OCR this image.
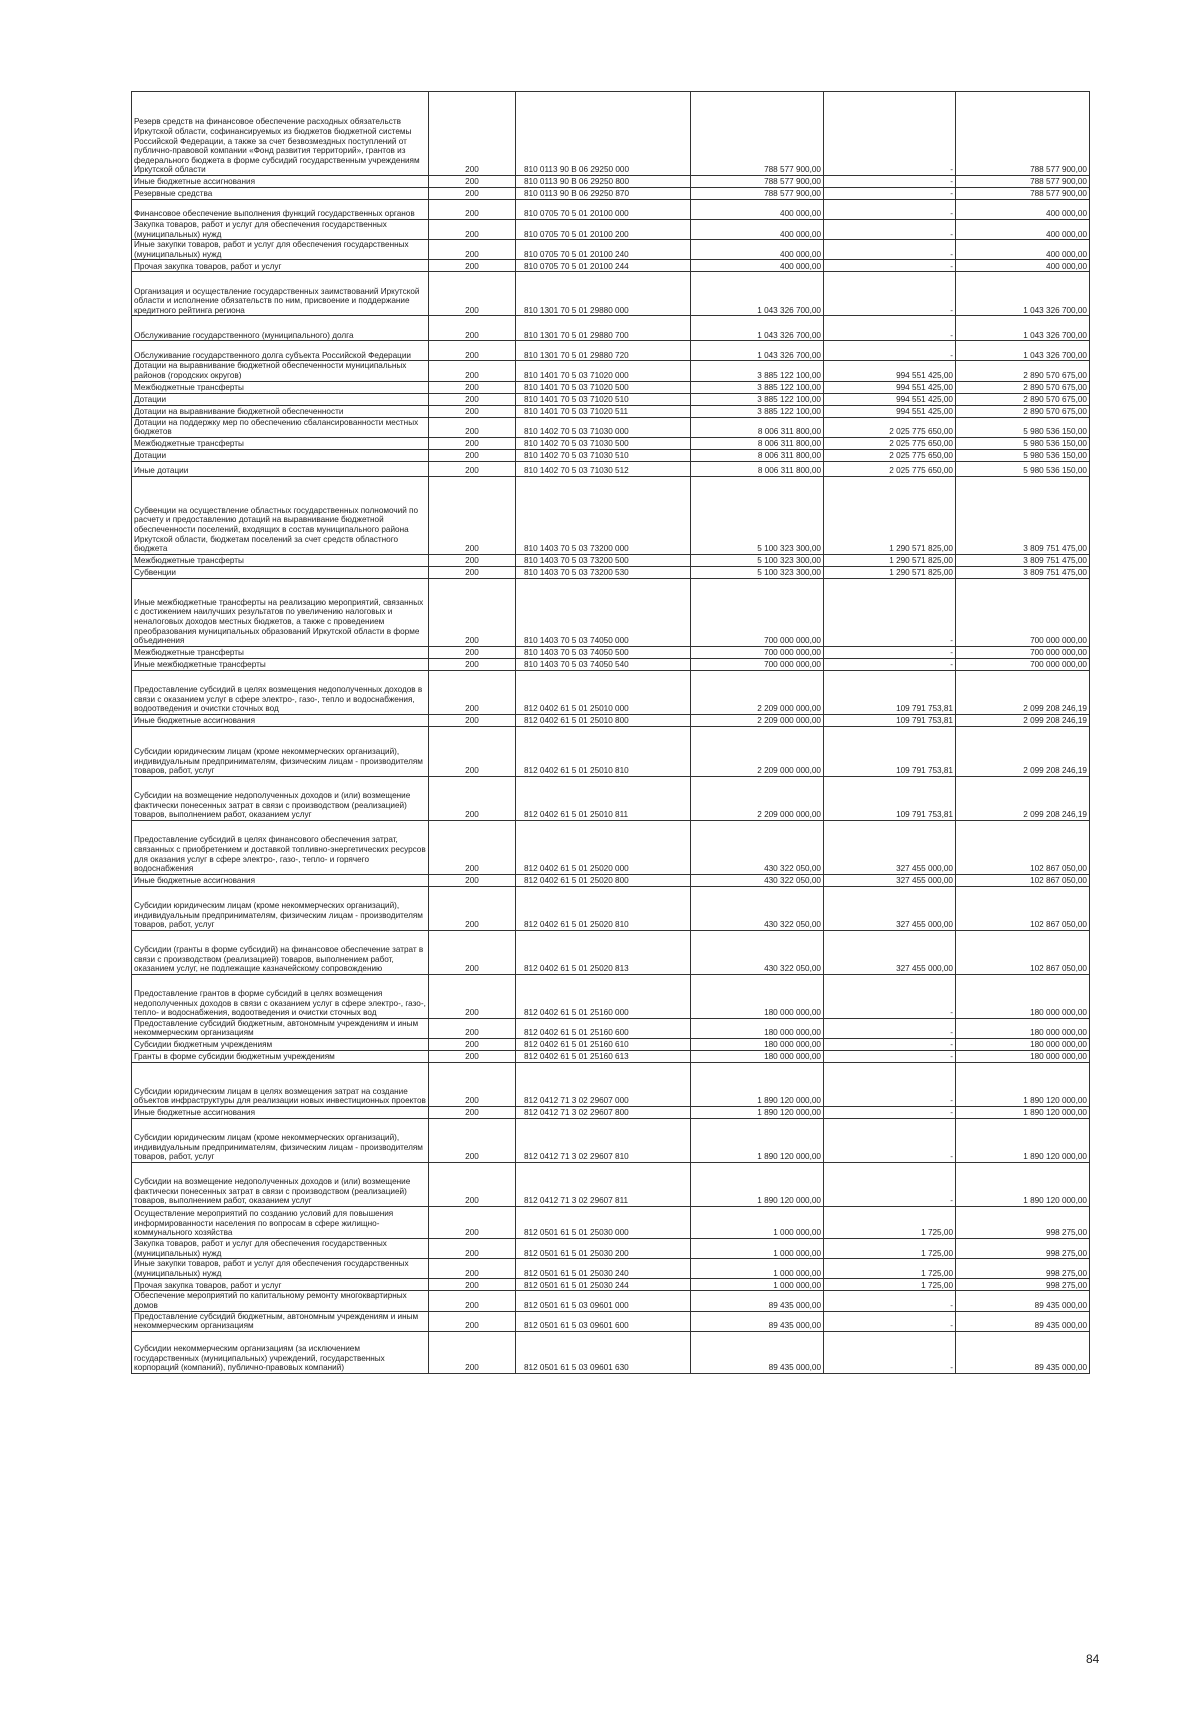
Резерв средств на финансовое обеспечение расходных обязательств Иркутской области, софинансируемых из бюджетов бюджетной системы Российской Федерации, а также за счет безвозмездных поступлений от публично-правовой компании «Фонд развития территорий», грантов из федерального бюджета в форме субсидий государственным учреждениям Иркутской области	200	810 0113 90 В 06 29250 000	788 577 900,00	-	788 577 900,00
Иные бюджетные ассигнования	200	810 0113 90 В 06 29250 800	788 577 900,00	-	788 577 900,00
Резервные средства	200	810 0113 90 В 06 29250 870	788 577 900,00	-	788 577 900,00
Финансовое обеспечение выполнения функций государственных органов	200	810 0705 70 5 01 20100 000	400 000,00	-	400 000,00
Закупка товаров, работ и услуг для обеспечения государственных (муниципальных) нужд	200	810 0705 70 5 01 20100 200	400 000,00	-	400 000,00
Иные закупки товаров, работ и услуг для обеспечения государственных (муниципальных) нужд	200	810 0705 70 5 01 20100 240	400 000,00	-	400 000,00
Прочая закупка товаров, работ и услуг	200	810 0705 70 5 01 20100 244	400 000,00	-	400 000,00
Организация и осуществление государственных заимствований Иркутской области и исполнение обязательств по ним, присвоение и поддержание кредитного рейтинга региона	200	810 1301 70 5 01 29880 000	1 043 326 700,00	-	1 043 326 700,00
Обслуживание государственного (муниципального) долга	200	810 1301 70 5 01 29880 700	1 043 326 700,00	-	1 043 326 700,00
Обслуживание государственного долга субъекта Российской Федерации	200	810 1301 70 5 01 29880 720	1 043 326 700,00	-	1 043 326 700,00
Дотации на выравнивание бюджетной обеспеченности муниципальных районов (городских округов)	200	810 1401 70 5 03 71020 000	3 885 122 100,00	994 551 425,00	2 890 570 675,00
Межбюджетные трансферты	200	810 1401 70 5 03 71020 500	3 885 122 100,00	994 551 425,00	2 890 570 675,00
Дотации	200	810 1401 70 5 03 71020 510	3 885 122 100,00	994 551 425,00	2 890 570 675,00
Дотации на выравнивание бюджетной обеспеченности	200	810 1401 70 5 03 71020 511	3 885 122 100,00	994 551 425,00	2 890 570 675,00
Дотации на поддержку мер по обеспечению сбалансированности местных бюджетов	200	810 1402 70 5 03 71030 000	8 006 311 800,00	2 025 775 650,00	5 980 536 150,00
Межбюджетные трансферты	200	810 1402 70 5 03 71030 500	8 006 311 800,00	2 025 775 650,00	5 980 536 150,00
Дотации	200	810 1402 70 5 03 71030 510	8 006 311 800,00	2 025 775 650,00	5 980 536 150,00
Иные дотации	200	810 1402 70 5 03 71030 512	8 006 311 800,00	2 025 775 650,00	5 980 536 150,00
Субвенции на осуществление областных государственных полномочий по расчету и предоставлению дотаций на выравнивание бюджетной обеспеченности поселений, входящих в состав муниципального района Иркутской области, бюджетам поселений за счет средств областного бюджета	200	810 1403 70 5 03 73200 000	5 100 323 300,00	1 290 571 825,00	3 809 751 475,00
Межбюджетные трансферты	200	810 1403 70 5 03 73200 500	5 100 323 300,00	1 290 571 825,00	3 809 751 475,00
Субвенции	200	810 1403 70 5 03 73200 530	5 100 323 300,00	1 290 571 825,00	3 809 751 475,00
Иные межбюджетные трансферты на реализацию мероприятий, связанных с достижением наилучших результатов по увеличению налоговых и неналоговых доходов местных бюджетов, а также с проведением преобразования муниципальных образований Иркутской области в форме объединения	200	810 1403 70 5 03 74050 000	700 000 000,00	-	700 000 000,00
Межбюджетные трансферты	200	810 1403 70 5 03 74050 500	700 000 000,00	-	700 000 000,00
Иные межбюджетные трансферты	200	810 1403 70 5 03 74050 540	700 000 000,00	-	700 000 000,00
Предоставление субсидий в целях возмещения недополученных доходов в связи с оказанием услуг в сфере электро-, газо-, тепло и водоснабжения, водоотведения и очистки сточных вод	200	812 0402 61 5 01 25010 000	2 209 000 000,00	109 791 753,81	2 099 208 246,19
Иные бюджетные ассигнования	200	812 0402 61 5 01 25010 800	2 209 000 000,00	109 791 753,81	2 099 208 246,19
Субсидии юридическим лицам (кроме некоммерческих организаций), индивидуальным предпринимателям, физическим лицам - производителям товаров, работ, услуг	200	812 0402 61 5 01 25010 810	2 209 000 000,00	109 791 753,81	2 099 208 246,19
Субсидии на возмещение недополученных доходов и (или) возмещение фактически понесенных затрат в связи с производством (реализацией) товаров, выполнением работ, оказанием услуг	200	812 0402 61 5 01 25010 811	2 209 000 000,00	109 791 753,81	2 099 208 246,19
Предоставление субсидий в целях финансового обеспечения затрат, связанных с приобретением и доставкой топливно-энергетических ресурсов для оказания услуг в сфере электро-, газо-, тепло- и горячего водоснабжения	200	812 0402 61 5 01 25020 000	430 322 050,00	327 455 000,00	102 867 050,00
Иные бюджетные ассигнования	200	812 0402 61 5 01 25020 800	430 322 050,00	327 455 000,00	102 867 050,00
Субсидии юридическим лицам (кроме некоммерческих организаций), индивидуальным предпринимателям, физическим лицам - производителям товаров, работ, услуг	200	812 0402 61 5 01 25020 810	430 322 050,00	327 455 000,00	102 867 050,00
Субсидии (гранты в форме субсидий) на финансовое обеспечение затрат в связи с производством (реализацией) товаров, выполнением работ, оказанием услуг, не подлежащие казначейскому сопровождению	200	812 0402 61 5 01 25020 813	430 322 050,00	327 455 000,00	102 867 050,00
Предоставление грантов в форме субсидий в целях возмещения недополученных доходов в связи с оказанием услуг в сфере электро-, газо-, тепло- и водоснабжения, водоотведения и очистки сточных вод	200	812 0402 61 5 01 25160 000	180 000 000,00	-	180 000 000,00
Предоставление субсидий бюджетным, автономным учреждениям и иным некоммерческим организациям	200	812 0402 61 5 01 25160 600	180 000 000,00	-	180 000 000,00
Субсидии бюджетным учреждениям	200	812 0402 61 5 01 25160 610	180 000 000,00	-	180 000 000,00
Гранты в форме субсидии бюджетным учреждениям	200	812 0402 61 5 01 25160 613	180 000 000,00	-	180 000 000,00
Субсидии юридическим лицам в целях возмещения затрат на создание объектов инфраструктуры для реализации новых инвестиционных проектов	200	812 0412 71 3 02 29607 000	1 890 120 000,00	-	1 890 120 000,00
Иные бюджетные ассигнования	200	812 0412 71 3 02 29607 800	1 890 120 000,00	-	1 890 120 000,00
Субсидии юридическим лицам (кроме некоммерческих организаций), индивидуальным предпринимателям, физическим лицам - производителям товаров, работ, услуг	200	812 0412 71 3 02 29607 810	1 890 120 000,00	-	1 890 120 000,00
Субсидии на возмещение недополученных доходов и (или) возмещение фактически понесенных затрат в связи с производством (реализацией) товаров, выполнением работ, оказанием услуг	200	812 0412 71 3 02 29607 811	1 890 120 000,00	-	1 890 120 000,00
Осуществление мероприятий по созданию условий для повышения информированности населения по вопросам в сфере жилищно-коммунального хозяйства	200	812 0501 61 5 01 25030 000	1 000 000,00	1 725,00	998 275,00
Закупка товаров, работ и услуг для обеспечения государственных (муниципальных) нужд	200	812 0501 61 5 01 25030 200	1 000 000,00	1 725,00	998 275,00
Иные закупки товаров, работ и услуг для обеспечения государственных (муниципальных) нужд	200	812 0501 61 5 01 25030 240	1 000 000,00	1 725,00	998 275,00
Прочая закупка товаров, работ и услуг	200	812 0501 61 5 01 25030 244	1 000 000,00	1 725,00	998 275,00
Обеспечение мероприятий по капитальному ремонту многоквартирных домов	200	812 0501 61 5 03 09601 000	89 435 000,00	-	89 435 000,00
Предоставление субсидий бюджетным, автономным учреждениям и иным некоммерческим организациям	200	812 0501 61 5 03 09601 600	89 435 000,00	-	89 435 000,00
Субсидии некоммерческим организациям (за исключением государственных (муниципальных) учреждений, государственных корпораций (компаний), публично-правовых компаний)	200	812 0501 61 5 03 09601 630	89 435 000,00	-	89 435 000,00
84
